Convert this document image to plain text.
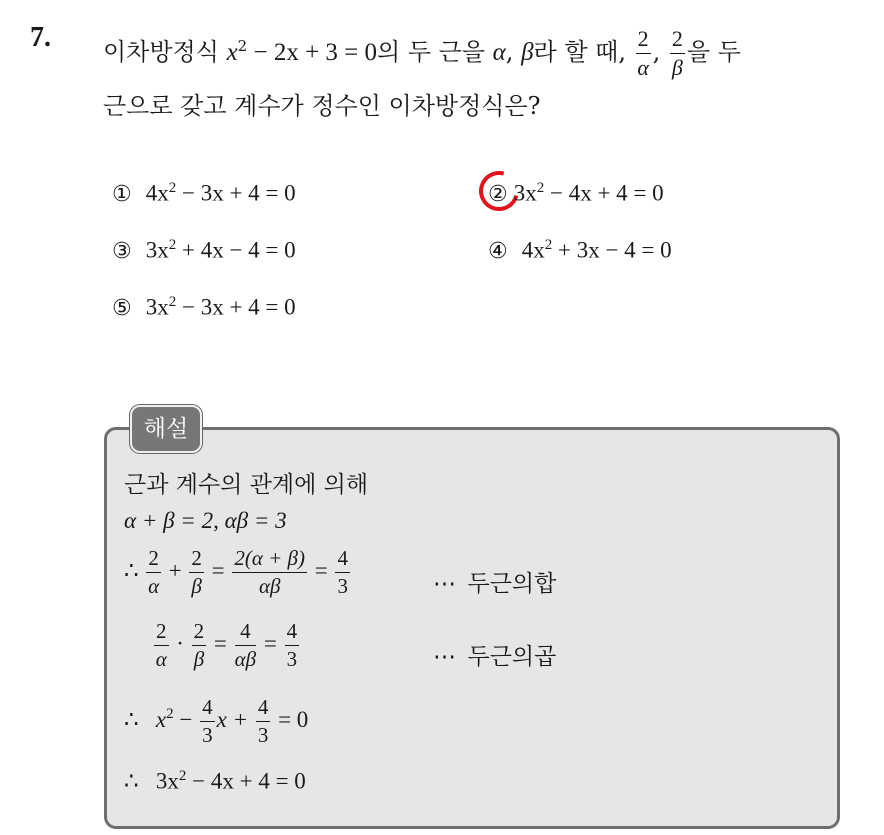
7. 이차방정식 $x^2 - 2x + 3 = 0$의 두 근을 α, β라 할 때, $\frac{2}{\alpha}$ , $\frac{2}{\beta}$ 을 두
근으로 갖고 계수가 정수인 이차방정식은?
① $4x^2 - 3x + 4 = 0$	② $3x^2 - 4x + 4 = 0$
③ $3x^2 + 4x - 4 = 0$	④ $4x^2 + 3x - 4 = 0$
⑤ $3x^2 - 3x + 4 = 0$
해설
근과 계수의 관계에 의해
α + β = 2, αβ = 3
∴ $\frac{2}{\alpha} + \frac{2}{\beta} = \frac{2(\alpha + \beta)}{\alpha\beta} = \frac{4}{3}$	⋯ 두근의합
$\frac{2}{\alpha} \cdot \frac{2}{\beta} = \frac{4}{\alpha\beta} = \frac{4}{3}$	⋯ 두근의곱
∴ $x^2 - \frac{4}{3}$ $x + \frac{4}{3} = 0$
∴ $3x^2 - 4x + 4 = 0$
